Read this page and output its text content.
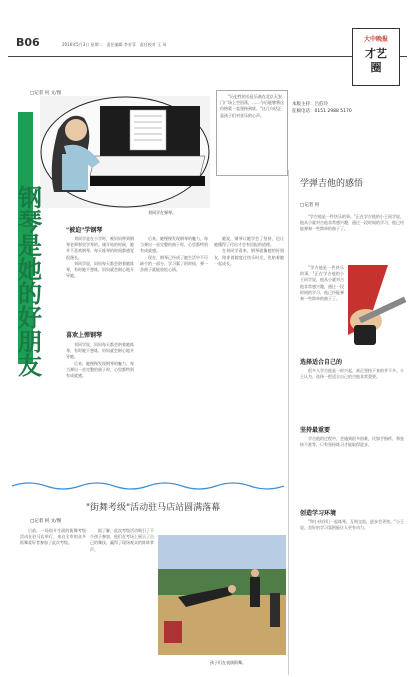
B06	2016年5月3日 星期二　责任编辑 李芳菲　责任校对 王 珂
大中晚报
才艺
圈
本版主持：吕伯玲
征稿电话：0151 2988 5170
□记者 何 文/图
刘同学在弹琴。

"历史性的长征乐曲在北京天安门广场上空回荡，……今后能够将这份热爱一直坚持到底。"这几句话正是孩子们对音乐的心声。

钢
琴
是
她
的
好
朋
友
"被迫"学钢琴

刘同学是在小学时，被妈妈带到钢琴老师那里学琴的。刚开始的时候，她并不喜欢钢琴，每天练琴的时间都感觉很漫长。

刘同学说，妈妈每天都会陪着她练琴，有时她不想练，妈妈就会耐心地开导她。

喜欢上弹钢琴

刘同学说，妈妈每天都会陪着她练琴，有时她不想练，妈妈就会耐心地开导她。

后来，她慢慢发现钢琴的魅力，每当弹出一首完整的曲子时，心里都特别有成就感。

后来，她慢慢发现钢琴的魅力，每当弹出一首完整的曲子时，心里都特别有成就感。

现在，钢琴已经成了她生活中不可缺少的一部分，学习累了的时候，弹一首曲子就能放松心情。

她说，钢琴让她学会了坚持，也让她懂得了付出才会有回报的道理。

在刘同学看来，钢琴就像她的好朋友，陪伴着她度过快乐时光，也陪着她一起成长。

"街舞考级"活动驻马店站圆满落幕
□记者 何 文/图

日前，一场别开生面的街舞考级活动在驻马店举行，来自全市的众多街舞爱好者参加了此次考级。

据了解，此次考级活动吸引了不少孩子参加，他们在考场上展示了自己的舞技，赢得了现场观众的阵阵掌声。

孩子们在表演街舞。
学弹吉他的感悟
□记者 何

"学吉他是一件快乐的事。"正在学吉他的小王同学说，他从小就对吉他非常感兴趣，通过一段时间的学习，他已经能弹奏一些简单的曲子了。

"学吉他是一件快乐的事。"正在学吉他的小王同学说，他从小就对吉他非常感兴趣，通过一段时间的学习，他已经能弹奏一些简单的曲子了。

选择适合自己的

很多人学吉他是一时兴起，真正坚持下来的并不多。小王认为，选择一把适合自己的吉他非常重要。

坚持最重要

学吉他的过程中，会遇到很多困难，比如手指疼、和弦按不准等，只有坚持练习才能取得进步。

创造学习环境

"和小伙伴们一起练琴，互相交流，进步会更快。"小王说，良好的学习氛围能让人更有动力。
